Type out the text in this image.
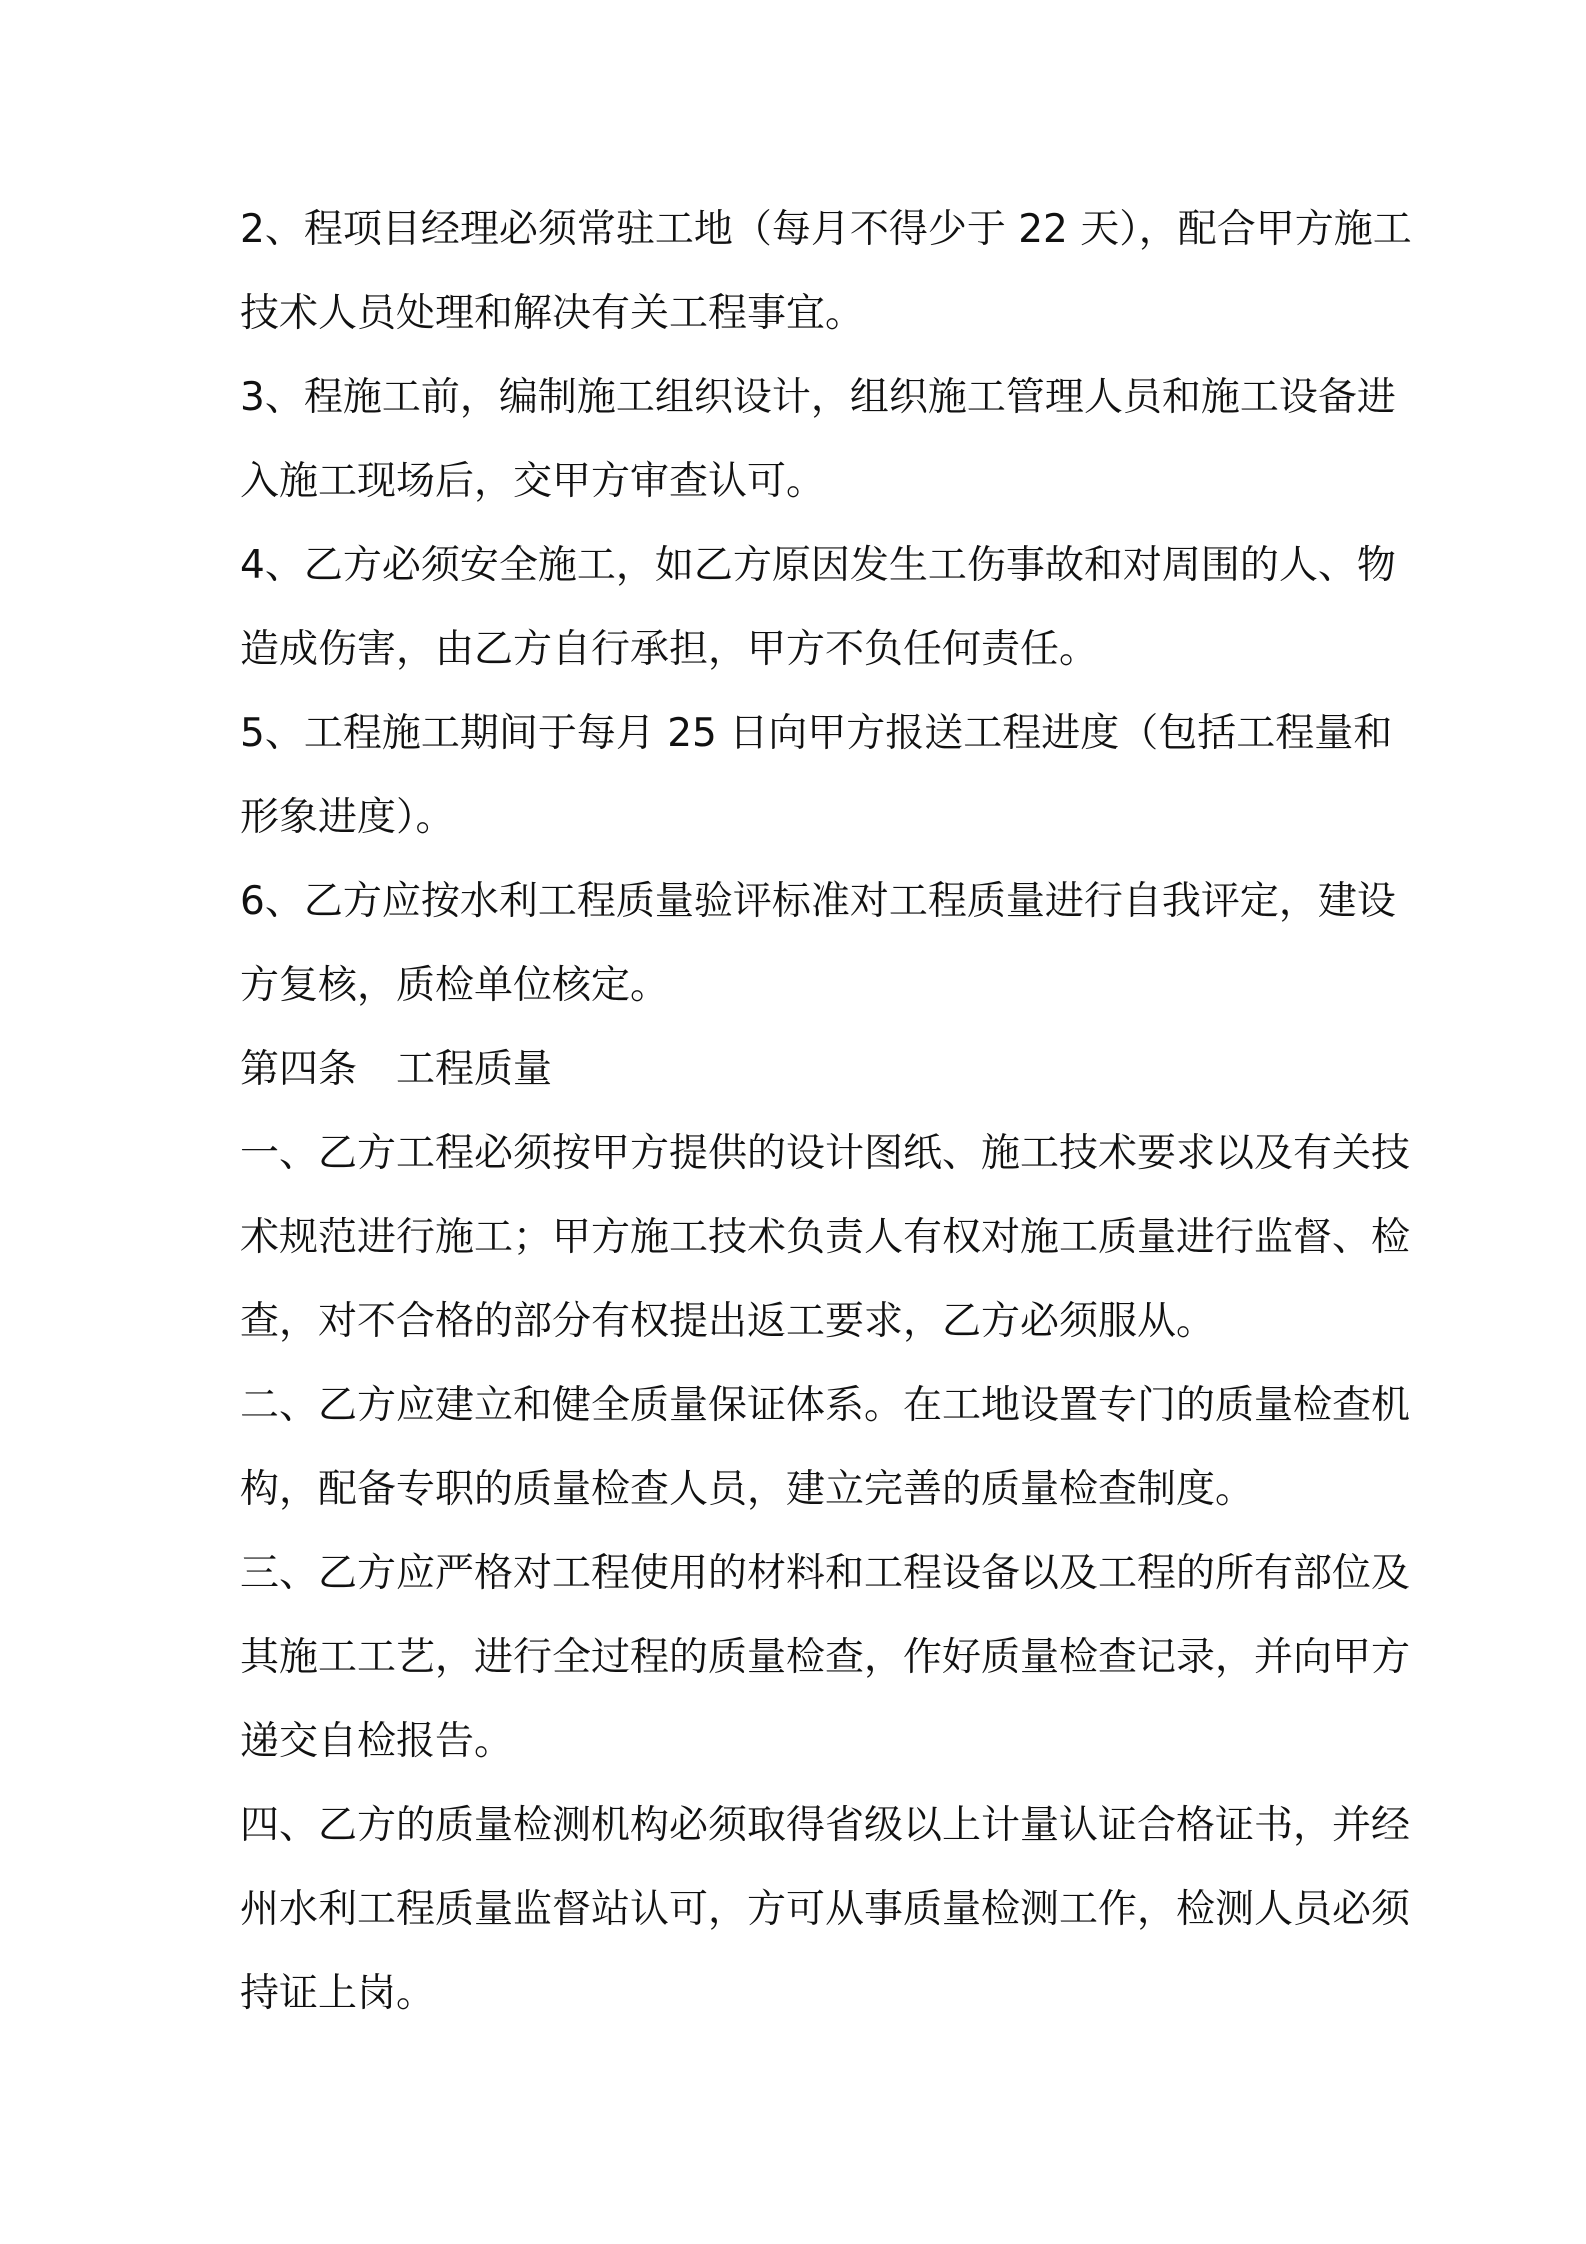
2、程项目经理必须常驻工地（每月不得少于 22 天），配合甲方施工
技术人员处理和解决有关工程事宜。
3、程施工前，编制施工组织设计，组织施工管理人员和施工设备进
入施工现场后，交甲方审查认可。
4、乙方必须安全施工，如乙方原因发生工伤事故和对周围的人、物
造成伤害，由乙方自行承担，甲方不负任何责任。
5、工程施工期间于每月 25 日向甲方报送工程进度（包括工程量和
形象进度）。
6、乙方应按水利工程质量验评标准对工程质量进行自我评定，建设
方复核，质检单位核定。
第四条　工程质量
一、乙方工程必须按甲方提供的设计图纸、施工技术要求以及有关技
术规范进行施工；甲方施工技术负责人有权对施工质量进行监督、检
查，对不合格的部分有权提出返工要求，乙方必须服从。
二、乙方应建立和健全质量保证体系。在工地设置专门的质量检查机
构，配备专职的质量检查人员，建立完善的质量检查制度。
三、乙方应严格对工程使用的材料和工程设备以及工程的所有部位及
其施工工艺，进行全过程的质量检查，作好质量检查记录，并向甲方
递交自检报告。
四、乙方的质量检测机构必须取得省级以上计量认证合格证书，并经
州水利工程质量监督站认可，方可从事质量检测工作，检测人员必须
持证上岗。
